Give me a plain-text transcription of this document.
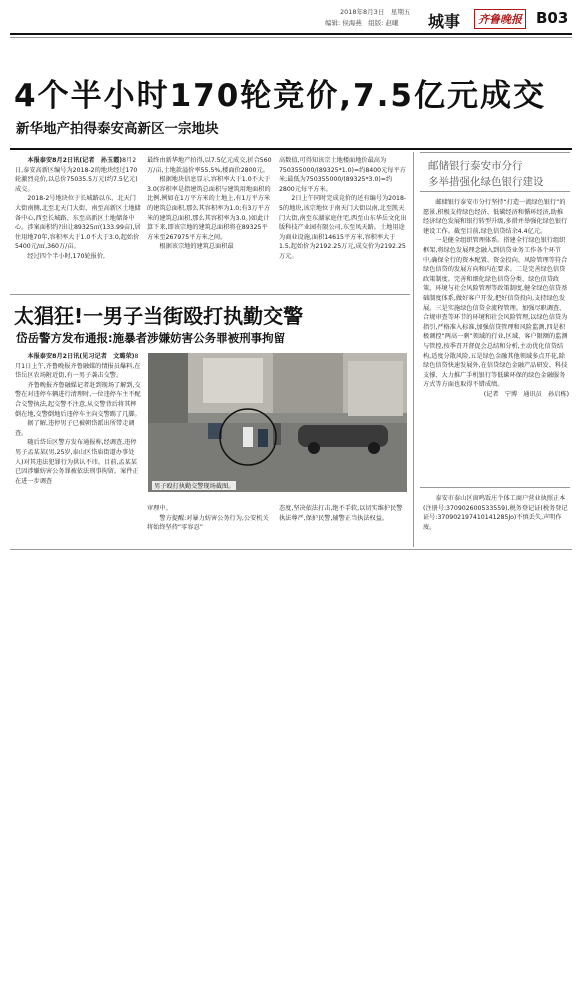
2018年8月3日　星期五
编辑: 侯海燕　组版: 赵曦 城事	齐鲁晚报 B03
4个半小时170轮竞价,7.5亿元成交
新华地产拍得泰安高新区一宗地块

本报泰安8月2日讯(记者　孙玉霞)8月2日,泰安高新区编号为2018-2的地块经过170轮激烈竞价,以总价75035.5万元(约7.5亿元)成交。

2018-2号地块位于长城路以东、北天门大街南侧,北至北天门大街、南至高新区土地储备中心,西至长城路、东至高新区土地储备中心。涉案面积约?出让89325㎡(133.99亩),居住用地70年,容积率大于1.0不大于3.0,起始价5400元/㎡,360万/亩。

经过四个半小时,170轮报价,

最终由新华地产拍得,以7.5亿元成交,折合560万/亩,土地款溢价率55.5%,楼面价2800元。

根据地块信息显示,容积率大于1.0不大于3.0(容积率是指建筑总面积与建筑用地面积的比例,例如在1万平方米的土地上,有1万平方米的建筑总面积,那么其容积率为1.0;有3万平方米的建筑总面积,那么其容积率为3.0。)如此计算下来,即该宗地的建筑总面积将在89325平方米至267975平方米之间。

根据该宗地的建筑总面积最

高数值,可得知该宗土地楼面地价最高为750355000/(89325*1.0)=约8400元每平方米;最低为750355000/(89325*3.0)=约2800元每平方米。

2日上午同时完成竞价的还有编号为2018-5的地块,该宗地位于南天门大街以南,北至凯天门大街,南至东湖家庭住宅,西至山东华岳文化出版科技产业园有限公司,东至凤天路。土地用途为商业设施,面积14615平方米,容积率大于1.5,起始价为2192.25万元,成交价为2192.25万元。

太猖狂!一男子当街殴打执勤交警
岱岳警方发布通报:施暴者涉嫌妨害公务罪被刑事拘留

本报泰安8月2日讯(见习记者　文璐荣)8月1日上午,齐鲁晚报齐鲁融媒的情报员爆料,在岱岳区农场附近街,有一男子袭击交警。

齐鲁晚报齐鲁融媒记者赶到现场了解到,交警在对违停车辆进行清理时,一位违停车主不配合交警执法,起交警不注意,从交警背后将其摔倒在地,交警倒地后违停车主向交警踢了几脚。

据了解,违停男子已被朝岱派出所带走调查。

随后岱岳区警方发布通报称,经调查,违停男子孟某某(男,25岁,泰山区岱庙街道办事处人)对其违法犯罪行为供认不讳。目前,孟某某已因涉嫌妨害公务罪被依法刑事拘留。案件正在进一步调查

男子殴打执勤交警现场截图。

审理中。

警方提醒:对暴力妨害公务行为,公安机关将始终坚持“零容忍”

态度,坚决依法打击,绝不手软,以切实维护民警执法尊严,保护民警,辅警正当执法权益。

邮储银行泰安市分行
多举措强化绿色银行建设

邮储银行泰安市分行坚持“打造一流绿色银行”的愿景,积极支持绿色经济、低碳经济和循环经济,助推经济绿色发展和银行转型升级,多措并举强化绿色银行建设工作。截至目前,绿色信贷结余4.4亿元。

一是健全组织管理体系。搭建全行绿色银行组织框架,将绿色发展理念融入到信贷业务工作各个环节中,确保全行的资本配置、资金投向、风险管理等符合绿色信贷的发展方向和内在要求。二是完善绿色信贷政策制度。完善和细化绿色信贷分类、绿色信贷政策、环境与社会风险管理等政策制度,健全绿色信贷基础制度体系,做好客户开发,把好信贷投向,支持绿色发展。三是实施绿色信贷全流程管理。加强尽职调查、合规审查等环节的环境和社会风险管理,以绿色信贷为指引,严格准入标准,加强信贷管理和风险监测,四是积极调控“两高一剩”领域的行业,区域、客户限额的监测与管控,按季召开督促会总结和分析,主动优化信贷结构,适度分散风险,五是绿色金融其他领域多点开花,除绿色信贷快速发展外,在信贷绿色金融产品研发、科技支撑、大力推广手机银行等低碳环保的绿色金融服务方式等方面也取得不错成绩。

(记者　宁博　通讯员　孙启栋)

泰安市泰山区窗鸣饭庄个体工商户营业执照正本(注册号:370902600533559),税务登记证(税务登记证号:370902197410141285Jo)不慎丢失,声明作废。
